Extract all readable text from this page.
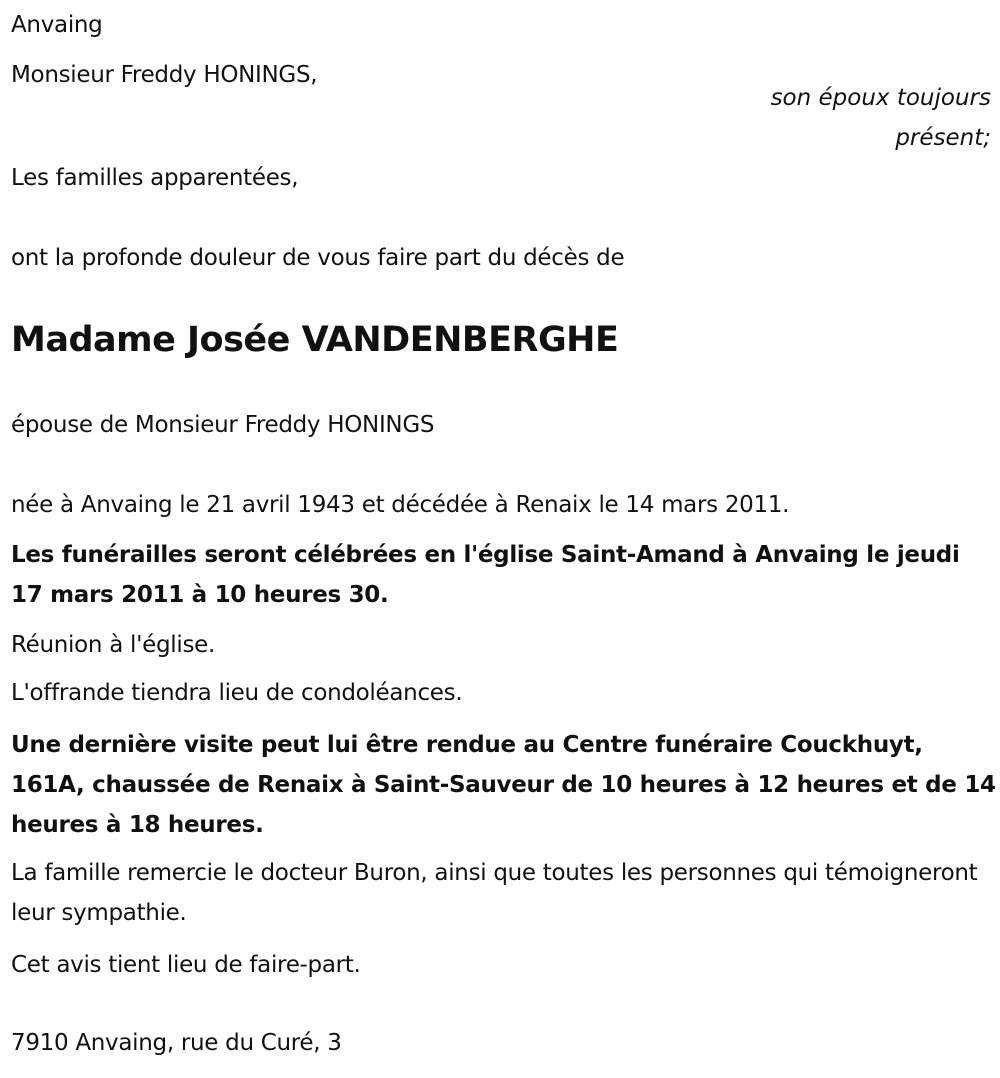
Anvaing
Monsieur Freddy HONINGS,
son époux toujours
présent;
Les familles apparentées,
ont la profonde douleur de vous faire part du décès de
Madame Josée VANDENBERGHE
épouse de Monsieur Freddy HONINGS
née à Anvaing le 21 avril 1943 et décédée à Renaix le 14 mars 2011.
Les funérailles seront célébrées en l'église Saint-Amand à Anvaing le jeudi 17 mars 2011 à 10 heures 30.
Réunion à l'église.
L'offrande tiendra lieu de condoléances.
Une dernière visite peut lui être rendue au Centre funéraire Couckhuyt, 161A, chaussée de Renaix à Saint-Sauveur de 10 heures à 12 heures et de 14 heures à 18 heures.
La famille remercie le docteur Buron, ainsi que toutes les personnes qui témoigneront leur sympathie.
Cet avis tient lieu de faire-part.
7910 Anvaing, rue du Curé, 3
